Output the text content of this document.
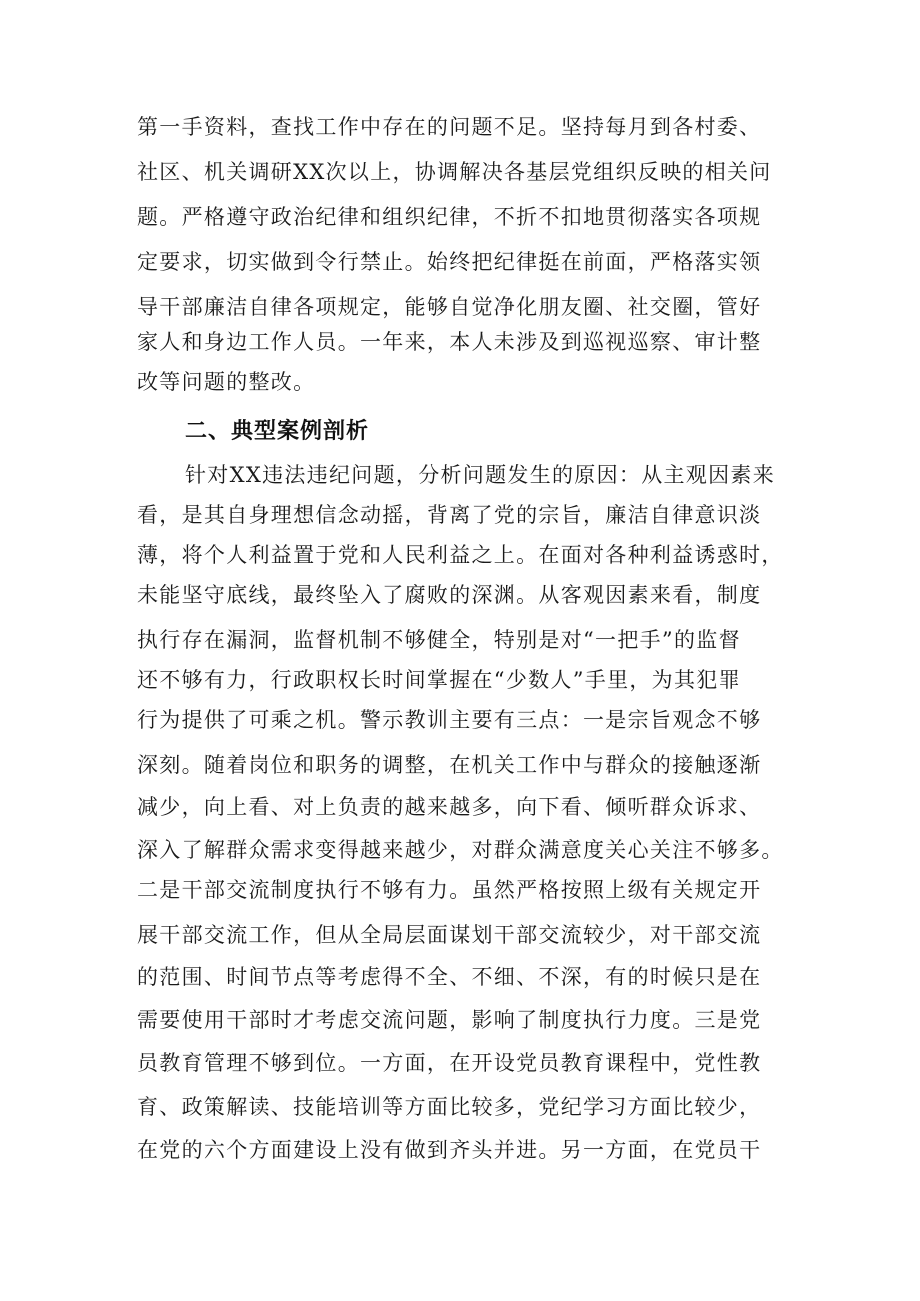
第一手资料，查找工作中存在的问题不足。坚持每月到各村委、
社区、机关调研XX次以上，协调解决各基层党组织反映的相关问
题。严格遵守政治纪律和组织纪律，不折不扣地贯彻落实各项规
定要求，切实做到令行禁止。始终把纪律挺在前面，严格落实领
导干部廉洁自律各项规定，能够自觉净化朋友圈、社交圈，管好
家人和身边工作人员。一年来，本人未涉及到巡视巡察、审计整
改等问题的整改。
二、典型案例剖析
针对XX违法违纪问题，分析问题发生的原因：从主观因素来
看，是其自身理想信念动摇，背离了党的宗旨，廉洁自律意识淡
薄，将个人利益置于党和人民利益之上。在面对各种利益诱惑时，
未能坚守底线，最终坠入了腐败的深渊。从客观因素来看，制度
执行存在漏洞，监督机制不够健全，特别是对“一把手”的监督
还不够有力，行政职权长时间掌握在“少数人”手里，为其犯罪
行为提供了可乘之机。警示教训主要有三点：一是宗旨观念不够
深刻。随着岗位和职务的调整，在机关工作中与群众的接触逐渐
减少，向上看、对上负责的越来越多，向下看、倾听群众诉求、
深入了解群众需求变得越来越少，对群众满意度关心关注不够多。
二是干部交流制度执行不够有力。虽然严格按照上级有关规定开
展干部交流工作，但从全局层面谋划干部交流较少，对干部交流
的范围、时间节点等考虑得不全、不细、不深，有的时候只是在
需要使用干部时才考虑交流问题，影响了制度执行力度。三是党
员教育管理不够到位。一方面，在开设党员教育课程中，党性教
育、政策解读、技能培训等方面比较多，党纪学习方面比较少，
在党的六个方面建设上没有做到齐头并进。另一方面，在党员干
